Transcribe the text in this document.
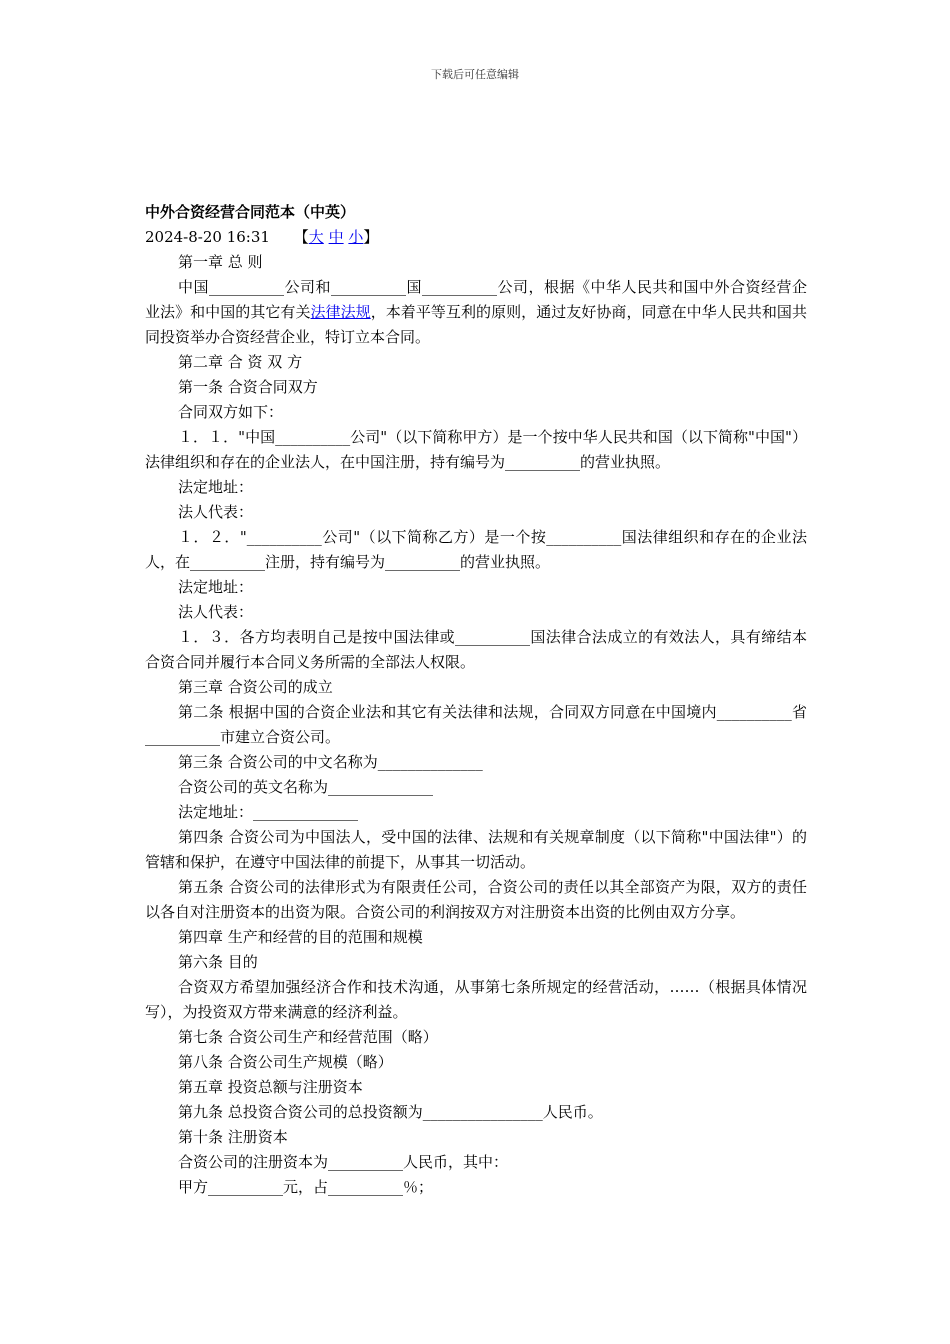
下载后可任意编辑
中外合资经营合同范本（中英）
2024-8-20 16:31 【大 中 小】

第一章 总 则

中国__________公司和__________国__________公司，根据《中华人民共和国中外合资经营企业法》和中国的其它有关法律法规，本着平等互利的原则，通过友好协商，同意在中华人民共和国共同投资举办合资经营企业，特订立本合同。

第二章 合 资 双 方

第一条 合资合同双方

合同双方如下：

１．１．"中国__________公司"（以下简称甲方）是一个按中华人民共和国（以下简称"中国"）法律组织和存在的企业法人，在中国注册，持有编号为__________的营业执照。

法定地址：

法人代表：

１．２．"__________公司"（以下简称乙方）是一个按__________国法律组织和存在的企业法人，在__________注册，持有编号为__________的营业执照。

法定地址：

法人代表：

１．３．各方均表明自己是按中国法律或__________国法律合法成立的有效法人，具有缔结本合资合同并履行本合同义务所需的全部法人权限。

第三章 合资公司的成立

第二条 根据中国的合资企业法和其它有关法律和法规，合同双方同意在中国境内__________省__________市建立合资公司。

第三条 合资公司的中文名称为______________

合资公司的英文名称为______________

法定地址：______________

第四条 合资公司为中国法人，受中国的法律、法规和有关规章制度（以下简称"中国法律"）的管辖和保护，在遵守中国法律的前提下，从事其一切活动。

第五条 合资公司的法律形式为有限责任公司，合资公司的责任以其全部资产为限，双方的责任以各自对注册资本的出资为限。合资公司的利润按双方对注册资本出资的比例由双方分享。

第四章 生产和经营的目的范围和规模

第六条 目的

合资双方希望加强经济合作和技术沟通，从事第七条所规定的经营活动，……（根据具体情况写），为投资双方带来满意的经济利益。

第七条 合资公司生产和经营范围（略）

第八条 合资公司生产规模（略）

第五章 投资总额与注册资本

第九条 总投资合资公司的总投资额为________________人民币。

第十条 注册资本

合资公司的注册资本为__________人民币，其中：

甲方__________元，占__________％；
